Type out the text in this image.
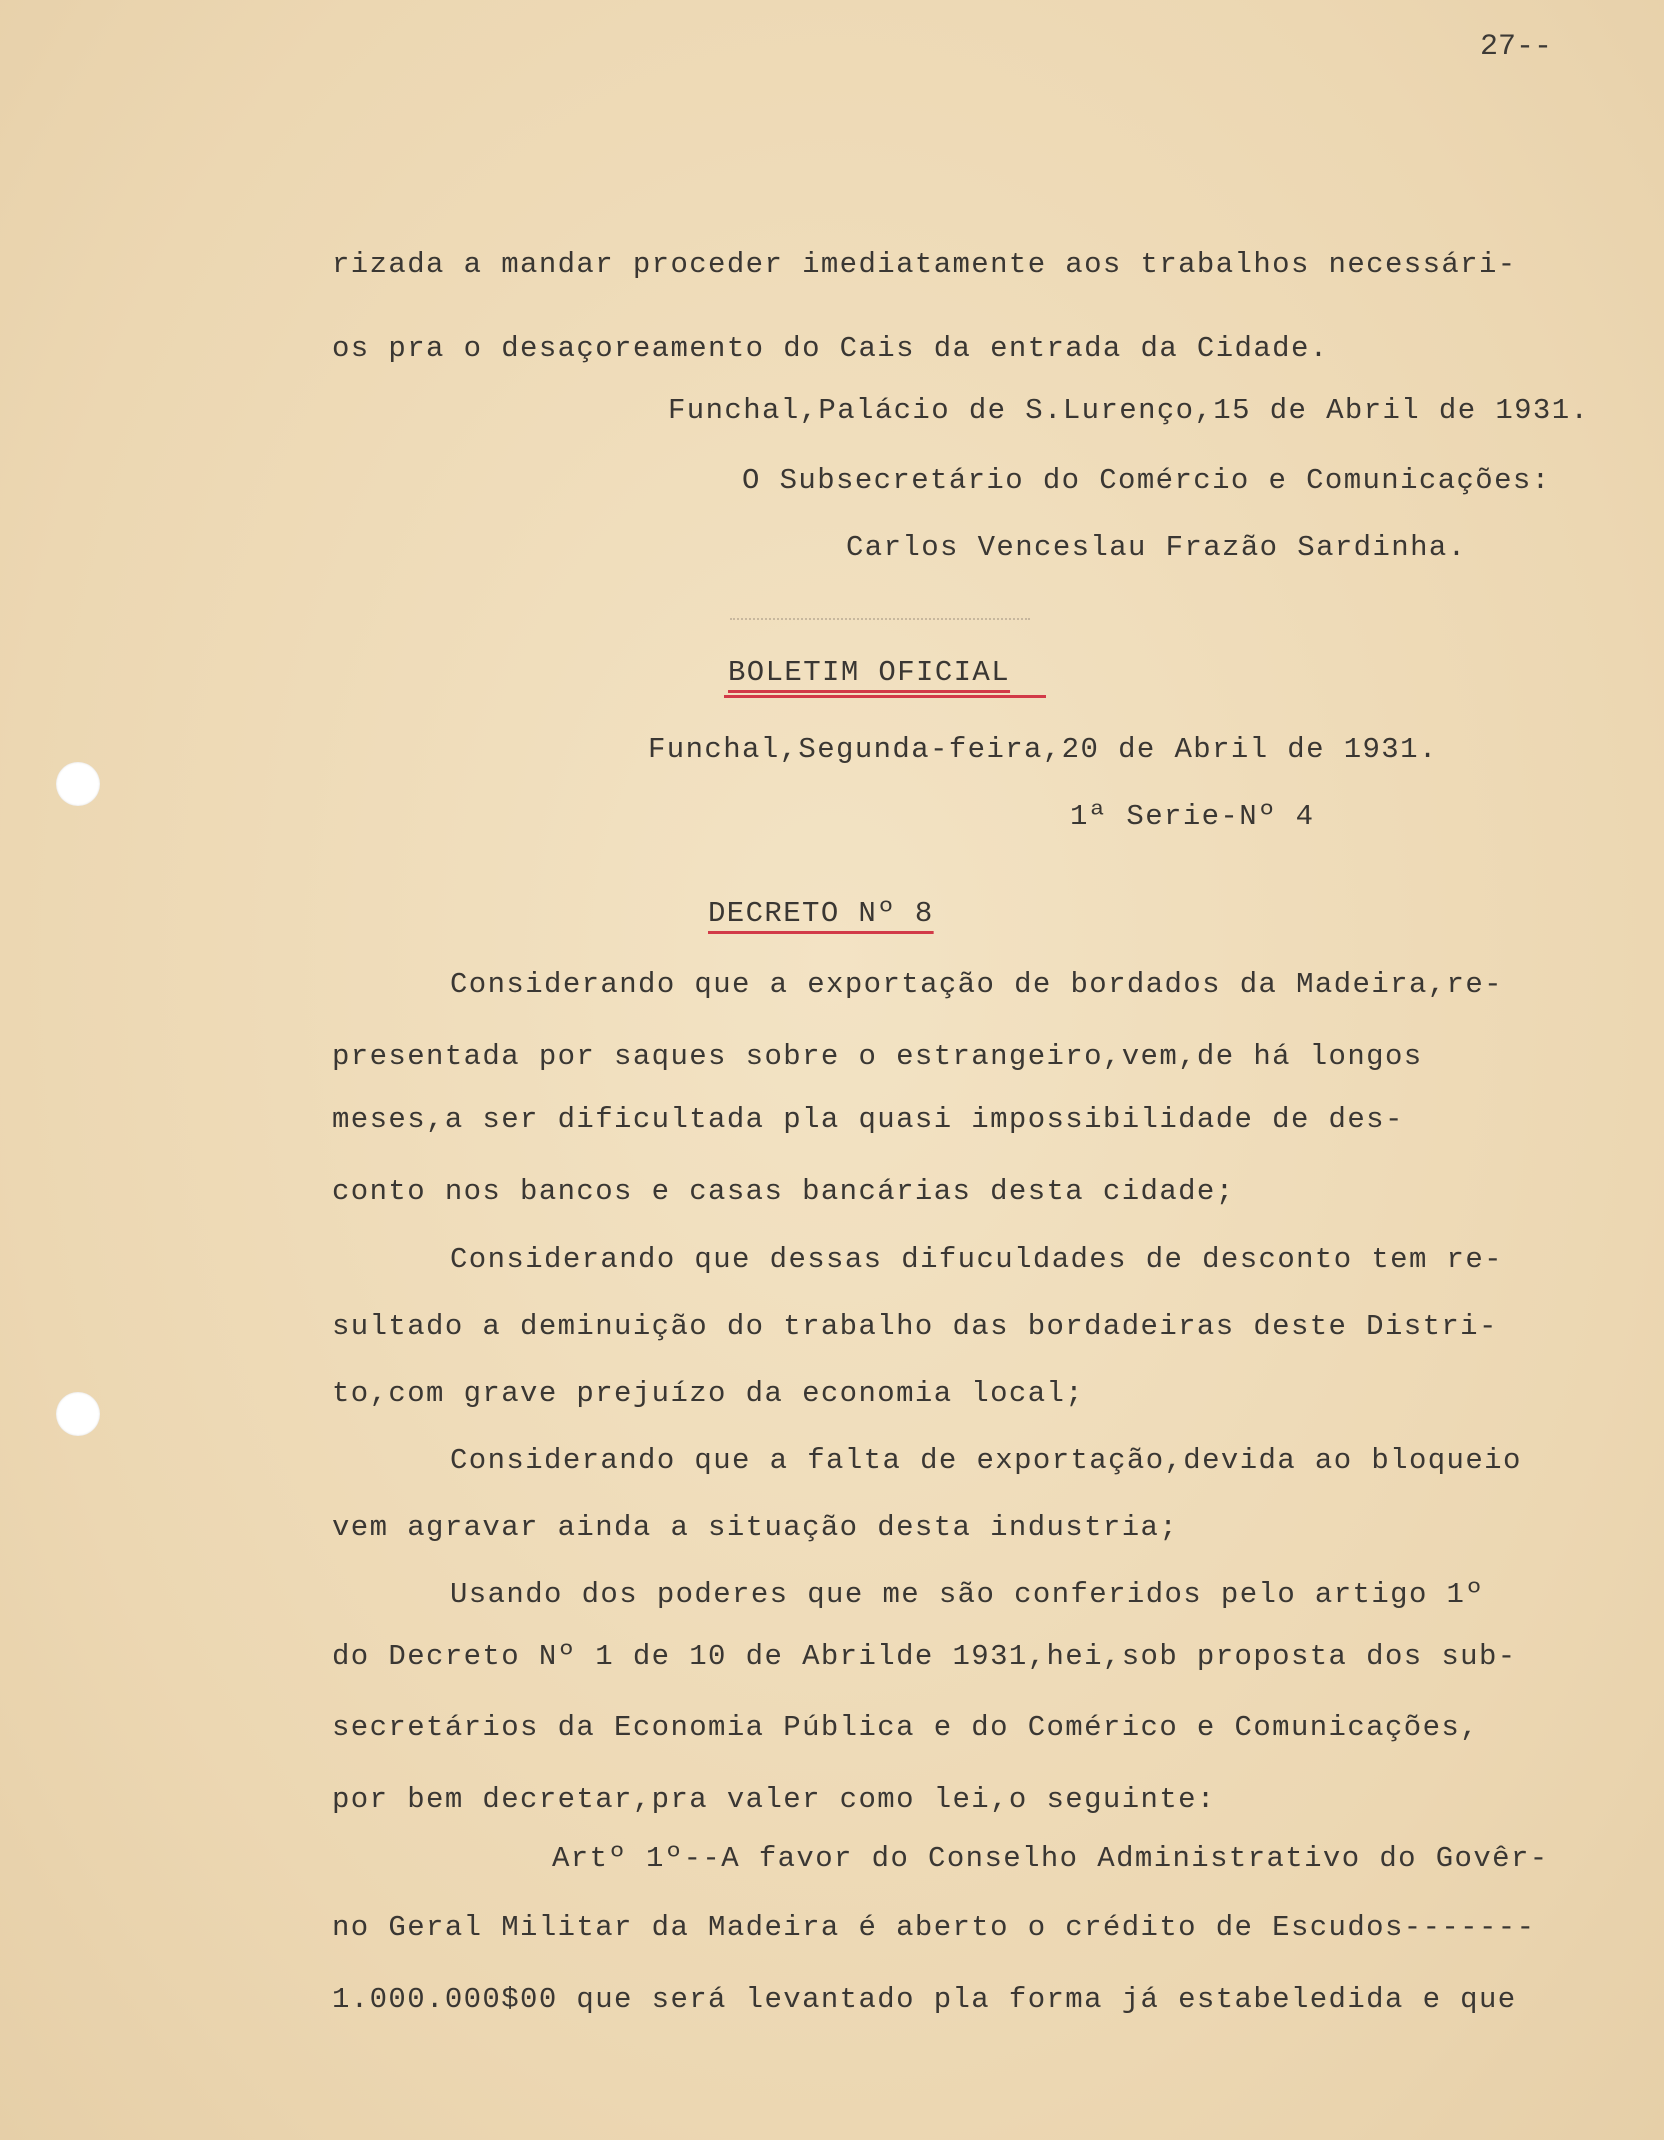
27--
rizada a mandar proceder imediatamente aos trabalhos necessári-
os pra o desaçoreamento do Cais da entrada da Cidade.
Funchal,Palácio de S.Lurenço,15 de Abril de 1931.
O Subsecretário do Comércio e Comunicações:
Carlos Venceslau Frazão Sardinha.
BOLETIM OFICIAL
Funchal,Segunda-feira,20 de Abril de 1931.
1ª Serie-Nº 4
DECRETO Nº 8
Considerando que a exportação de bordados da Madeira,re-
presentada por saques sobre o estrangeiro,vem,de há longos
meses,a ser dificultada pla quasi impossibilidade de des-
conto nos bancos e casas bancárias desta cidade;
Considerando que dessas difuculdades de desconto tem re-
sultado a deminuição do trabalho das bordadeiras deste Distri-
to,com grave prejuízo da economia local;
Considerando que a falta de exportação,devida ao bloqueio
vem agravar ainda a situação desta industria;
Usando dos poderes que me são conferidos pelo artigo 1º
do Decreto Nº 1 de 10 de Abrilde 1931,hei,sob proposta dos sub-
secretários da Economia Pública e do Comérico e Comunicações,
por bem decretar,pra valer como lei,o seguinte:
Artº 1º--A favor do Conselho Administrativo do Govêr-
no Geral Militar da Madeira é aberto o crédito de Escudos-------
1.000.000$00 que será levantado pla forma já estabeledida e que
